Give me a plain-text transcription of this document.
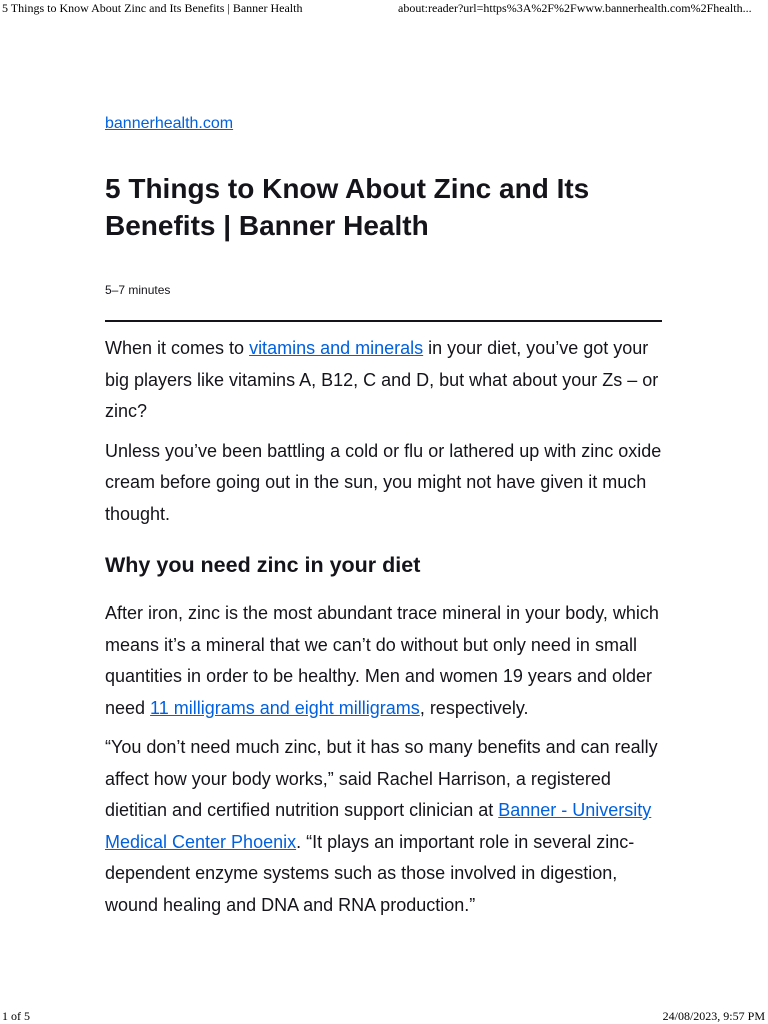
5 Things to Know About Zinc and Its Benefits | Banner Health	about:reader?url=https%3A%2F%2Fwww.bannerhealth.com%2Fhealth...
bannerhealth.com
5 Things to Know About Zinc and Its Benefits | Banner Health
5–7 minutes

When it comes to vitamins and minerals in your diet, you’ve got your big players like vitamins A, B12, C and D, but what about your Zs – or zinc?

Unless you’ve been battling a cold or flu or lathered up with zinc oxide cream before going out in the sun, you might not have given it much thought.

Why you need zinc in your diet

After iron, zinc is the most abundant trace mineral in your body, which means it’s a mineral that we can’t do without but only need in small quantities in order to be healthy. Men and women 19 years and older need 11 milligrams and eight milligrams, respectively.

“You don’t need much zinc, but it has so many benefits and can really affect how your body works,” said Rachel Harrison, a registered dietitian and certified nutrition support clinician at Banner - University Medical Center Phoenix. “It plays an important role in several zinc-dependent enzyme systems such as those involved in digestion, wound healing and DNA and RNA production.”

1 of 5	24/08/2023, 9:57 PM
